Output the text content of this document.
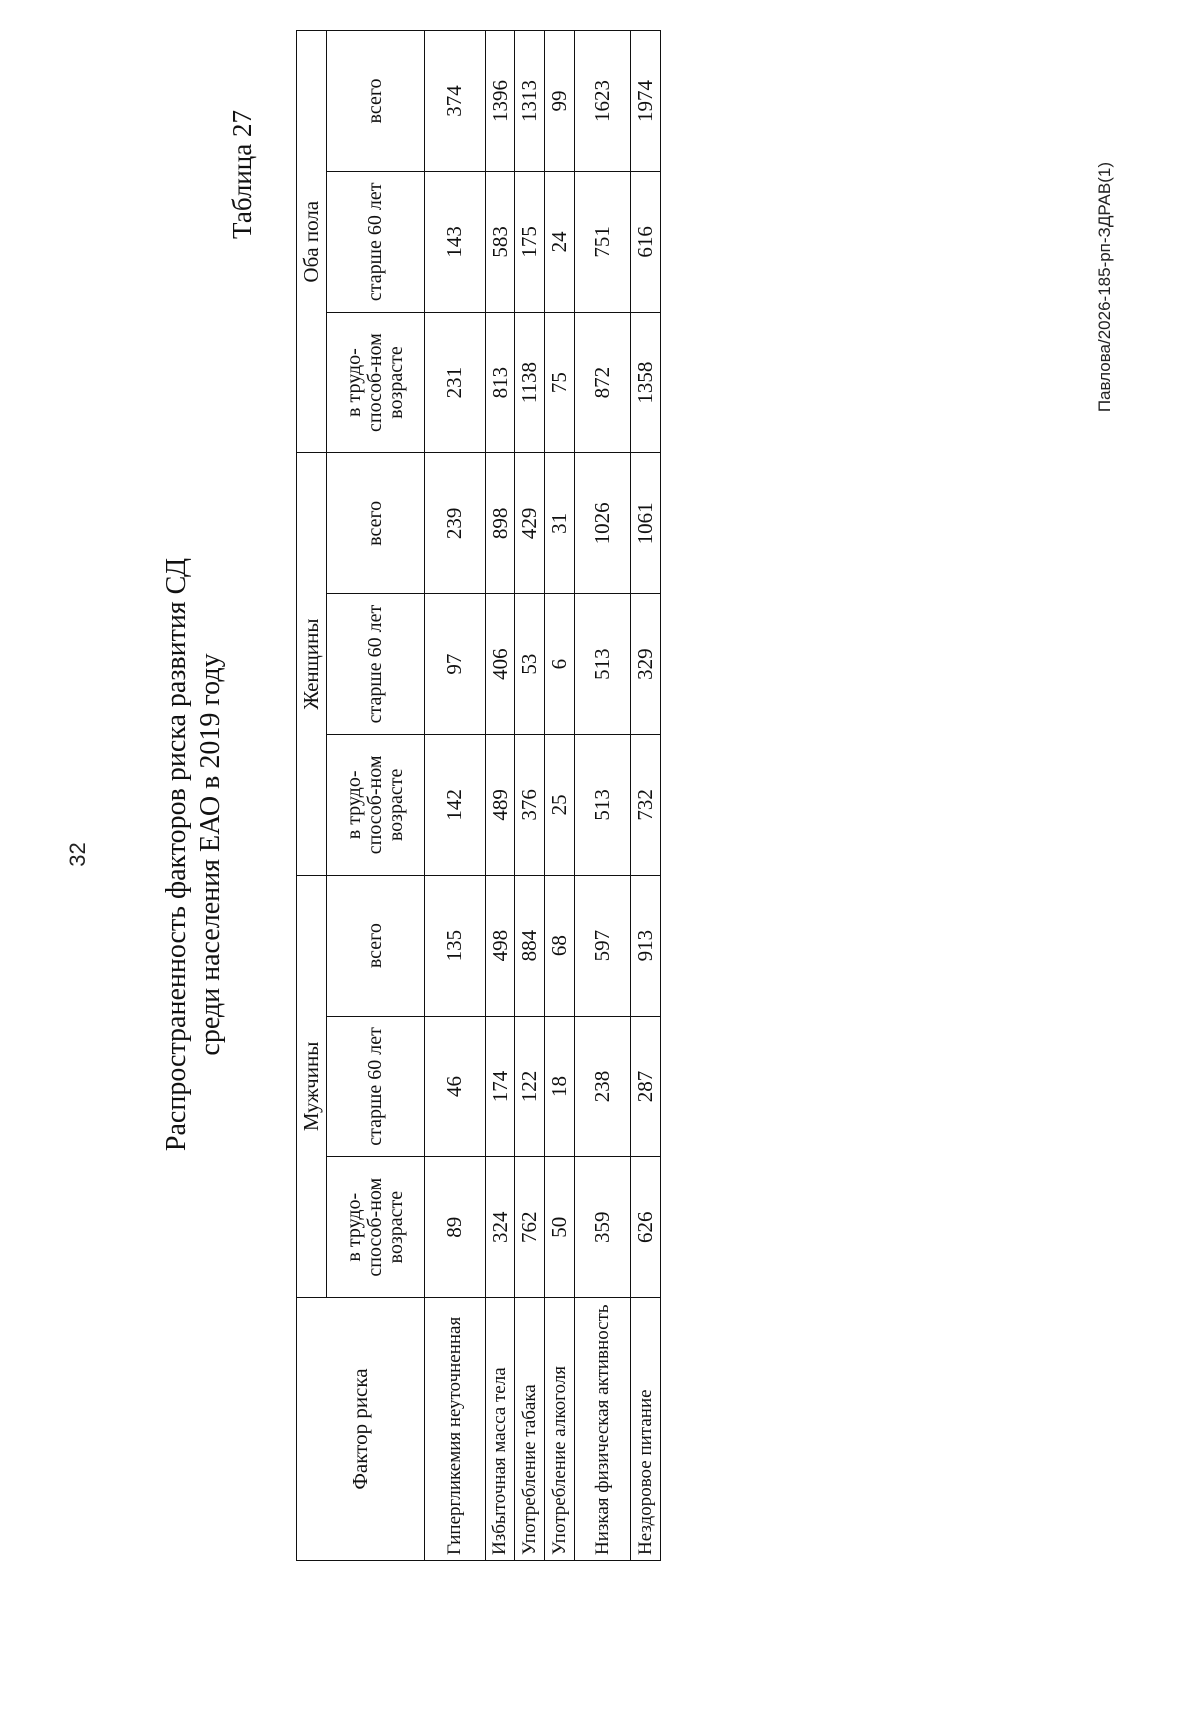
32	Распространенность факторов риска развития СД среди населения ЕАО в 2019 году
Таблица 27
Фактор риска	Мужчины			Женщины			Оба пола		
	в трудо-способ-ном возрасте	старше 60 лет	всего	в трудо-способ-ном возрасте	старше 60 лет	всего	в трудо-способ-ном возрасте	старше 60 лет	всего
Гипергликемия неуточненная	89	46	135	142	97	239	231	143	374
Избыточная масса тела	324	174	498	489	406	898	813	583	1396
Употребление табака	762	122	884	376	53	429	1138	175	1313
Употребление алкоголя	50	18	68	25	6	31	75	24	99
Низкая физическая активность	359	238	597	513	513	1026	872	751	1623
Нездоровое питание	626	287	913	732	329	1061	1358	616	1974
Павлова/2026-185-рп-ЗДРАВ(1)
